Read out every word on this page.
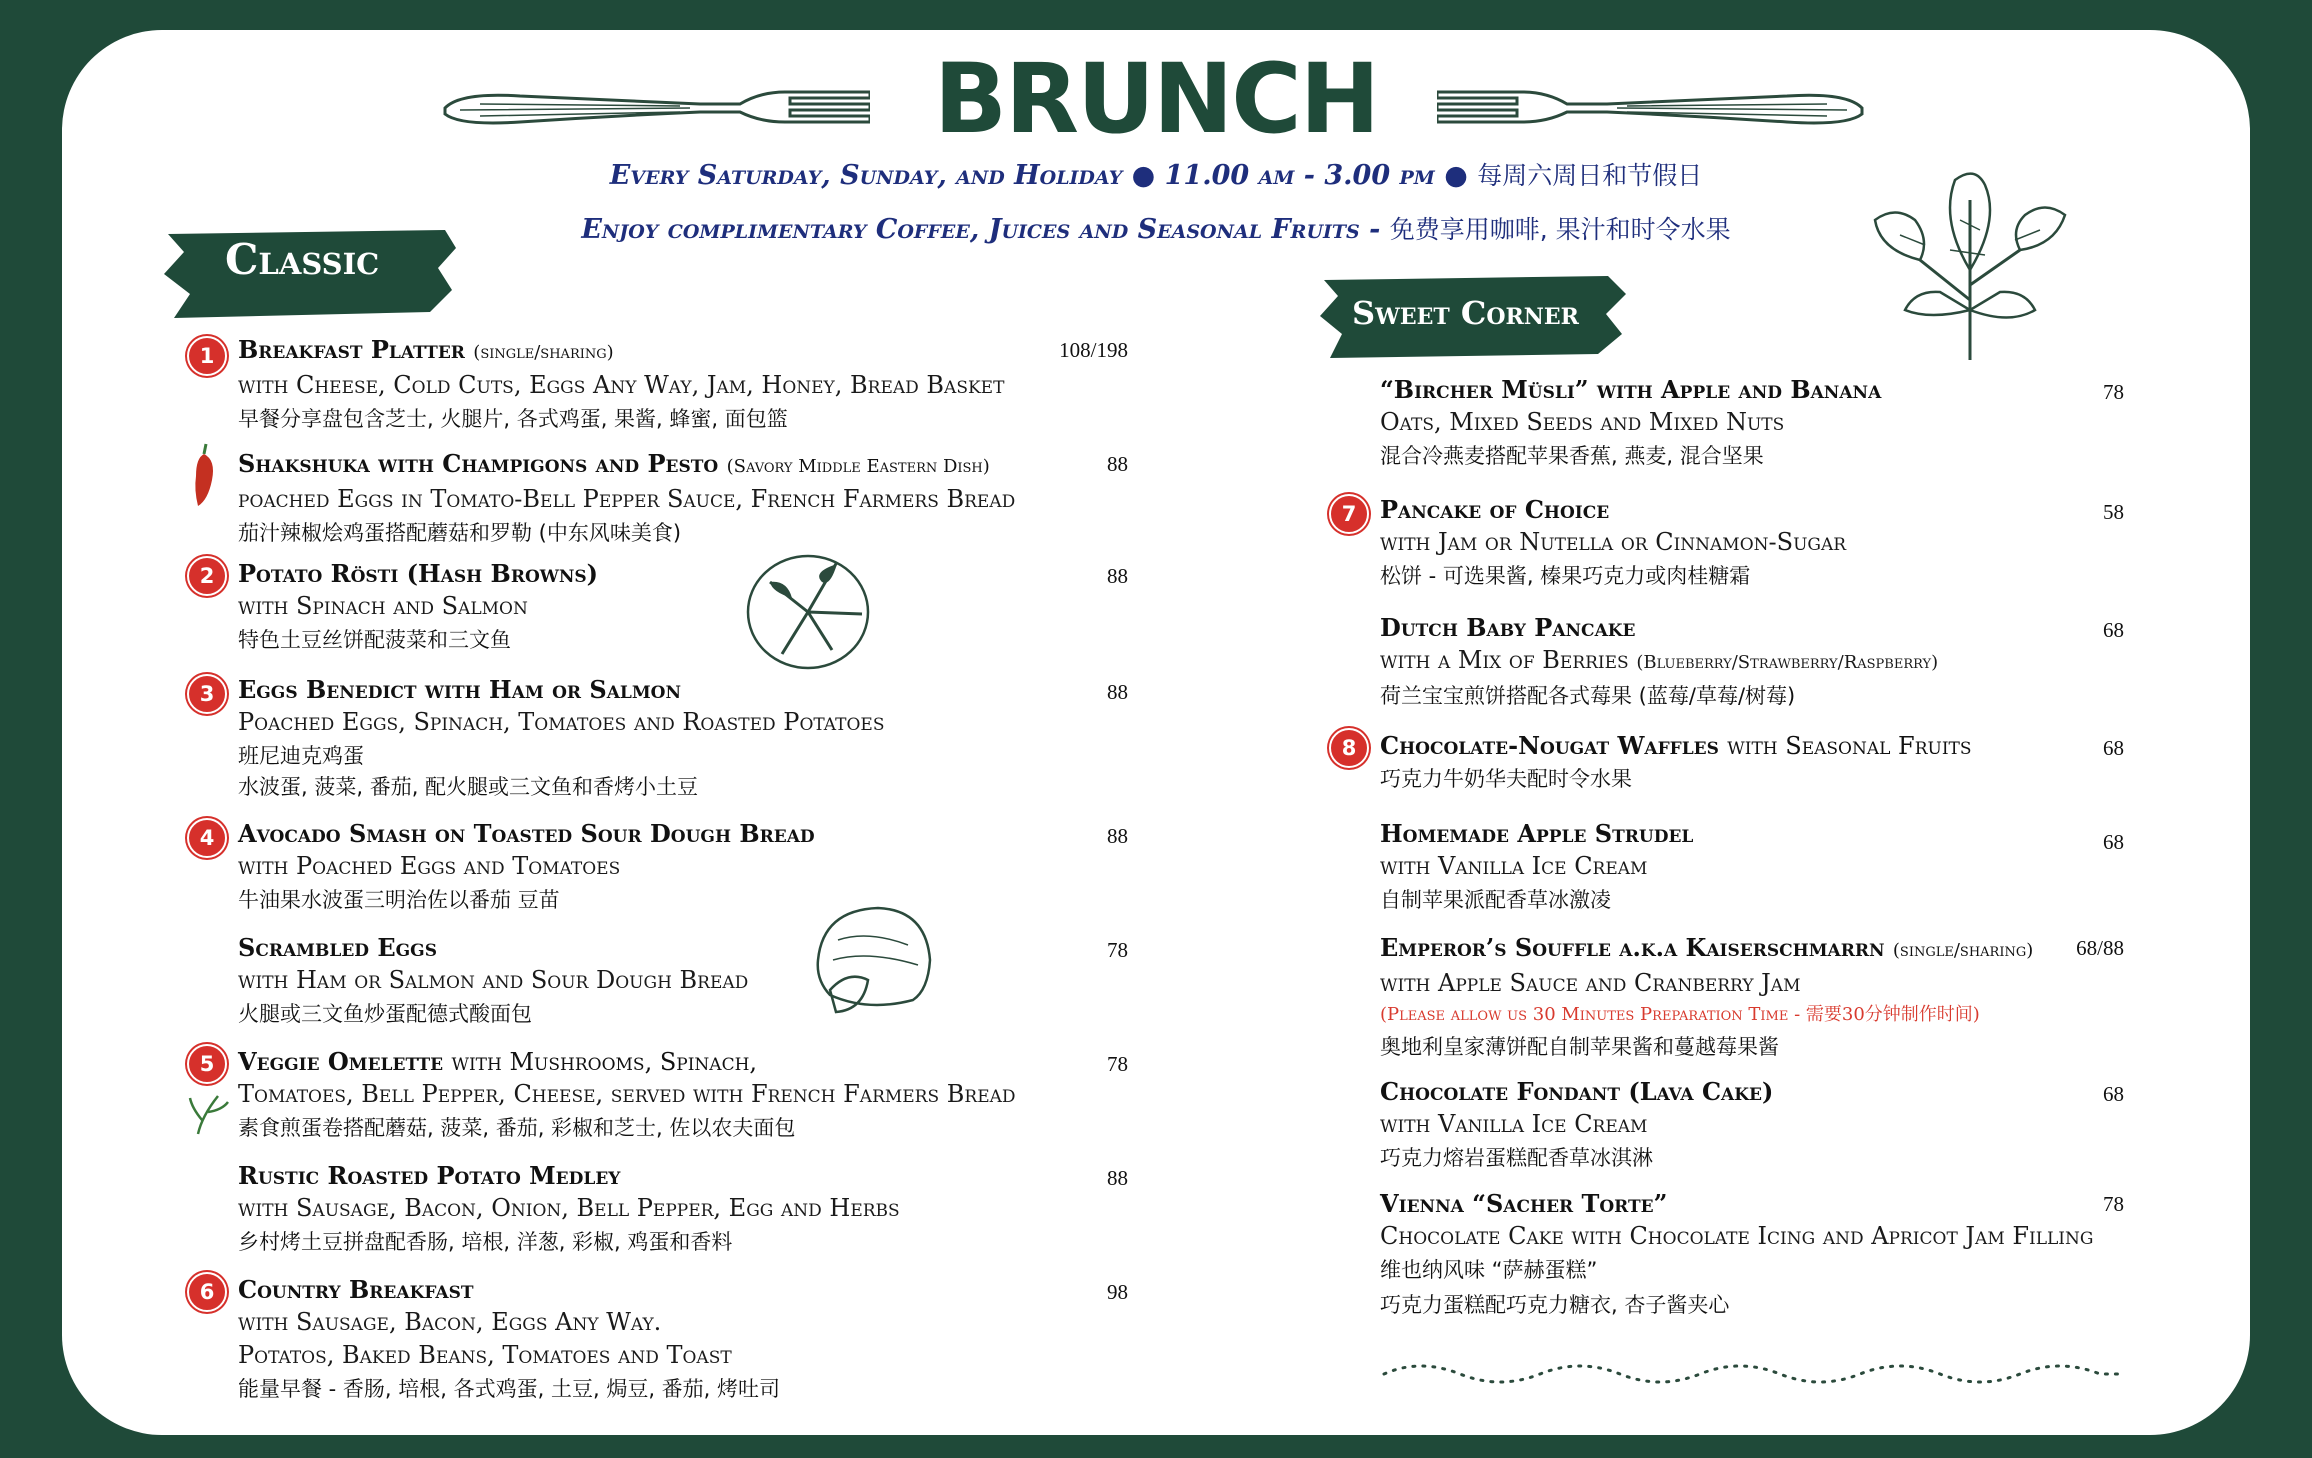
BRUNCH
Every Saturday, Sunday, and Holiday ● 11.00 am - 3.00 pm ● 每周六周日和节假日
Enjoy complimentary Coffee, Juices and Seasonal Fruits - 免费享用咖啡, 果汁和时令水果
Classic
Sweet Corner
1 Breakfast Platter (single/sharing)
with Cheese, Cold Cuts, Eggs Any Way, Jam, Honey, Bread Basket
早餐分享盘包含芝士, 火腿片, 各式鸡蛋, 果酱, 蜂蜜, 面包篮
108/198
Shakshuka with Champigons and Pesto (Savory Middle Eastern Dish)
poached Eggs in Tomato-Bell Pepper Sauce, French Farmers Bread
茄汁辣椒烩鸡蛋搭配蘑菇和罗勒 (中东风味美食)
88
2 Potato Rösti (Hash Browns)
with Spinach and Salmon
特色土豆丝饼配菠菜和三文鱼
88
3 Eggs Benedict with Ham or Salmon
Poached Eggs, Spinach, Tomatoes and Roasted Potatoes
班尼迪克鸡蛋
水波蛋, 菠菜, 番茄, 配火腿或三文鱼和香烤小土豆
88
4 Avocado Smash on Toasted Sour Dough Bread
with Poached Eggs and Tomatoes
牛油果水波蛋三明治佐以番茄 豆苗
88
Scrambled Eggs
with Ham or Salmon and Sour Dough Bread
火腿或三文鱼炒蛋配德式酸面包
78
5 Veggie Omelette with Mushrooms, Spinach,
Tomatoes, Bell Pepper, Cheese, served with French Farmers Bread
素食煎蛋卷搭配蘑菇, 菠菜, 番茄, 彩椒和芝士, 佐以农夫面包
78
Rustic Roasted Potato Medley
with Sausage, Bacon, Onion, Bell Pepper, Egg and Herbs
乡村烤土豆拼盘配香肠, 培根, 洋葱, 彩椒, 鸡蛋和香料
88
6 Country Breakfast
with Sausage, Bacon, Eggs Any Way.
Potatos, Baked Beans, Tomatoes and Toast
能量早餐 - 香肠, 培根, 各式鸡蛋, 土豆, 焗豆, 番茄, 烤吐司
98
“Bircher Müsli” with Apple and Banana
Oats, Mixed Seeds and Mixed Nuts
混合冷燕麦搭配苹果香蕉, 燕麦, 混合坚果
78
7 Pancake of Choice
with Jam or Nutella or Cinnamon-Sugar
松饼 - 可选果酱, 榛果巧克力或肉桂糖霜
58
Dutch Baby Pancake
with a Mix of Berries (Blueberry/Strawberry/Raspberry)
荷兰宝宝煎饼搭配各式莓果 (蓝莓/草莓/树莓)
68
8 Chocolate-Nougat Waffles with Seasonal Fruits
巧克力牛奶华夫配时令水果
68
Homemade Apple Strudel
with Vanilla Ice Cream
自制苹果派配香草冰激凌
68
Emperor’s Souffle a.k.a Kaiserschmarrn (single/sharing)
with Apple Sauce and Cranberry Jam
(Please allow us 30 Minutes Preparation Time - 需要30分钟制作时间)
奥地利皇家薄饼配自制苹果酱和蔓越莓果酱
68/88
Chocolate Fondant (Lava Cake)
with Vanilla Ice Cream
巧克力熔岩蛋糕配香草冰淇淋
68
Vienna “Sacher Torte”
Chocolate Cake with Chocolate Icing and Apricot Jam Filling
维也纳风味 “萨赫蛋糕”
巧克力蛋糕配巧克力糖衣, 杏子酱夹心
78
